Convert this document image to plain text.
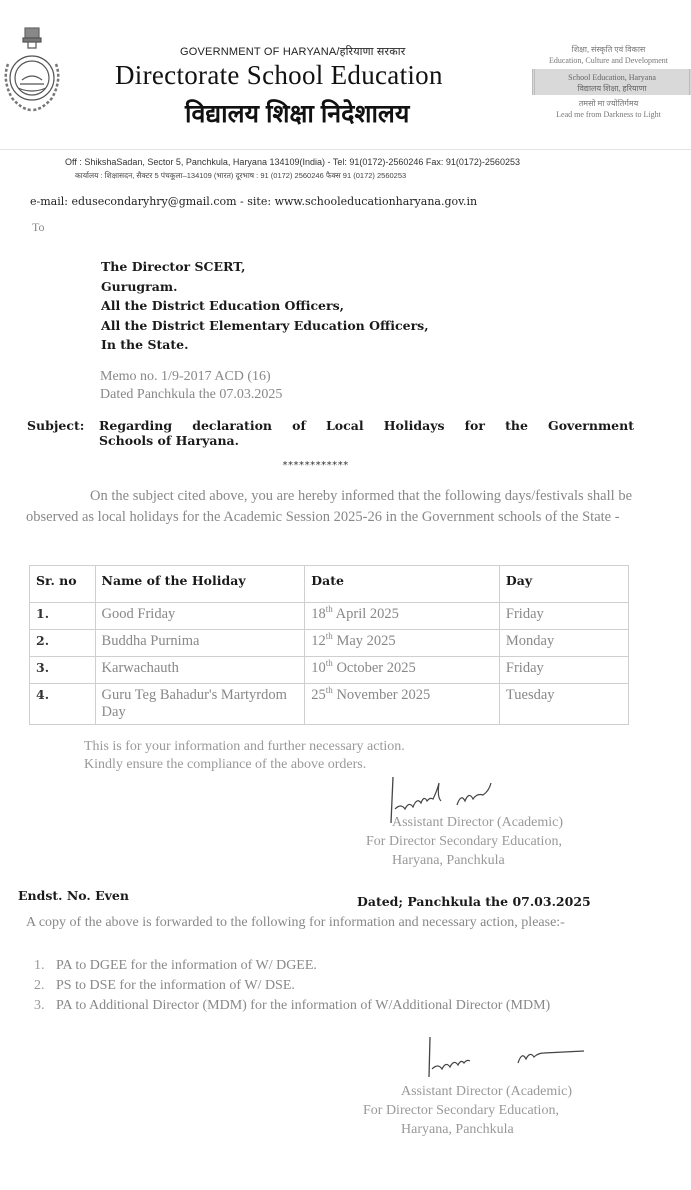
GOVERNMENT OF HARYANA/हरियाणा सरकार
Directorate School Education
विद्यालय शिक्षा निदेशालय
शिक्षा, संस्कृति एवं विकास
Education, Culture and Development
School Education, Haryana
विद्यालय शिक्षा, हरियाणा
तमसो मा ज्योतिर्गमय
Lead me from Darkness to Light
Off : ShikshaSadan, Sector 5, Panchkula, Haryana 134109(India) - Tel: 91(0172)-2560246 Fax: 91(0172)-2560253
कार्यालय : शिक्षासदन, सैक्टर 5 पंचकूला–134109 (भारत) दूरभाष : 91 (0172) 2560246 फैक्स 91 (0172) 2560253
e-mail: edusecondaryhry@gmail.com - site: www.schooleducationharyana.gov.in
To
The Director SCERT,
Gurugram.
All the District Education Officers,
All the District Elementary Education Officers,
In the State.
Memo no. 1/9-2017 ACD (16)
Dated Panchkula the 07.03.2025
Subject: Regarding declaration of Local Holidays for the Government
Schools of Haryana.
************
On the subject cited above, you are hereby informed that the following days/festivals shall be observed as local holidays for the Academic Session 2025-26 in the Government schools of the State -
Sr. no	Name of the Holiday	Date	Day
1.	Good Friday	18th April 2025	Friday
2.	Buddha Purnima	12th May 2025	Monday
3.	Karwachauth	10th October 2025	Friday
4.	Guru Teg Bahadur's Martyrdom Day	25th November 2025	Tuesday
This is for your information and further necessary action.
Kindly ensure the compliance of the above orders.
Assistant Director (Academic)
For Director Secondary Education,
Haryana, Panchkula
Endst. No. Even	Dated; Panchkula the 07.03.2025
A copy of the above is forwarded to the following for information and necessary action, please:-
1. PA to DGEE for the information of W/ DGEE.
2. PS to DSE for the information of W/ DSE.
3. PA to Additional Director (MDM) for the information of W/Additional Director (MDM)
Assistant Director (Academic)
For Director Secondary Education,
Haryana, Panchkula
